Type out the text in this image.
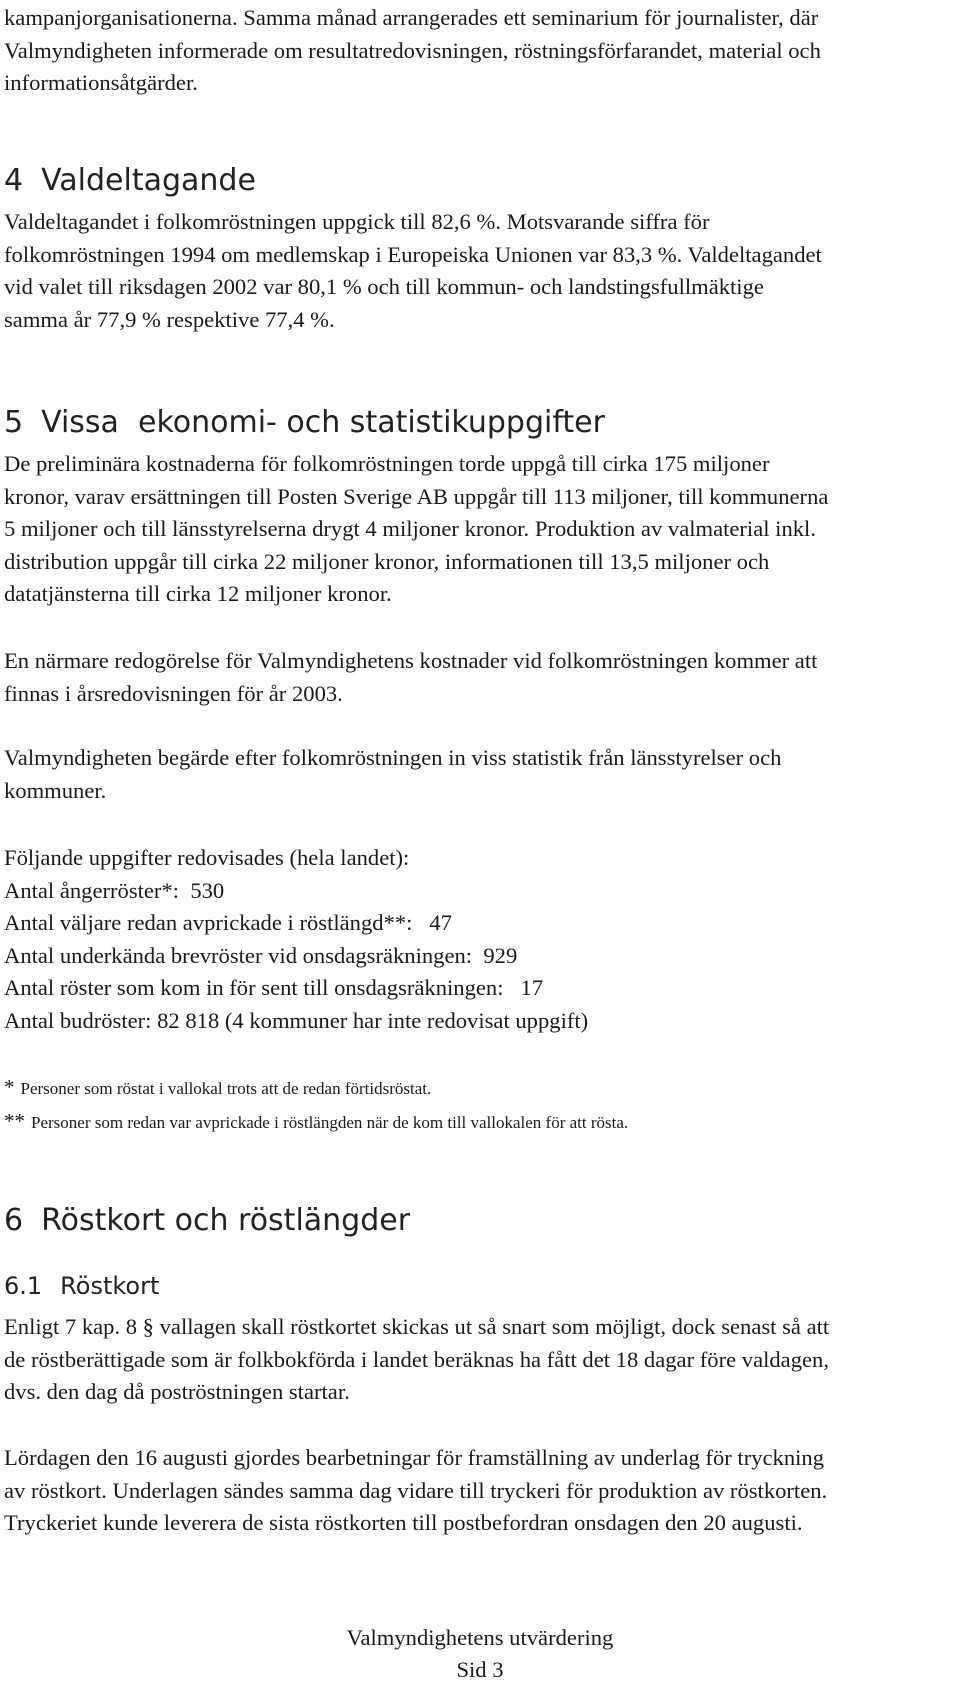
kampanjorganisationerna. Samma månad arrangerades ett seminarium för journalister, där
Valmyndigheten informerade om resultatredovisningen, röstningsförfarandet, material och
informationsåtgärder.

4 Valdeltagande

Valdeltagandet i folkomröstningen uppgick till 82,6 %. Motsvarande siffra för
folkomröstningen 1994 om medlemskap i Europeiska Unionen var 83,3 %. Valdeltagandet
vid valet till riksdagen 2002 var 80,1 % och till kommun- och landstingsfullmäktige
samma år 77,9 % respektive 77,4 %.

5 Vissa  ekonomi- och statistikuppgifter

De preliminära kostnaderna för folkomröstningen torde uppgå till cirka 175 miljoner
kronor, varav ersättningen till Posten Sverige AB uppgår till 113 miljoner, till kommunerna
5 miljoner och till länsstyrelserna drygt 4 miljoner kronor. Produktion av valmaterial inkl.
distribution uppgår till cirka 22 miljoner kronor, informationen till 13,5 miljoner och
datatjänsterna till cirka 12 miljoner kronor.

En närmare redogörelse för Valmyndighetens kostnader vid folkomröstningen kommer att
finnas i årsredovisningen för år 2003.

Valmyndigheten begärde efter folkomröstningen in viss statistik från länsstyrelser och
kommuner.

Följande uppgifter redovisades (hela landet):
Antal ångerröster*:  530
Antal väljare redan avprickade i röstlängd**:   47
Antal underkända brevröster vid onsdagsräkningen:  929
Antal röster som kom in för sent till onsdagsräkningen:   17
Antal budröster: 82 818 (4 kommuner har inte redovisat uppgift)
* Personer som röstat i vallokal trots att de redan förtidsröstat.
** Personer som redan var avprickade i röstlängden när de kom till vallokalen för att rösta.
6 Röstkort och röstlängder
6.1 Röstkort

Enligt 7 kap. 8 § vallagen skall röstkortet skickas ut så snart som möjligt, dock senast så att
de röstberättigade som är folkbokförda i landet beräknas ha fått det 18 dagar före valdagen,
dvs. den dag då poströstningen startar.

Lördagen den 16 augusti gjordes bearbetningar för framställning av underlag för tryckning
av röstkort. Underlagen sändes samma dag vidare till tryckeri för produktion av röstkorten.
Tryckeriet kunde leverera de sista röstkorten till postbefordran onsdagen den 20 augusti.

Valmyndighetens utvärdering
Sid 3
